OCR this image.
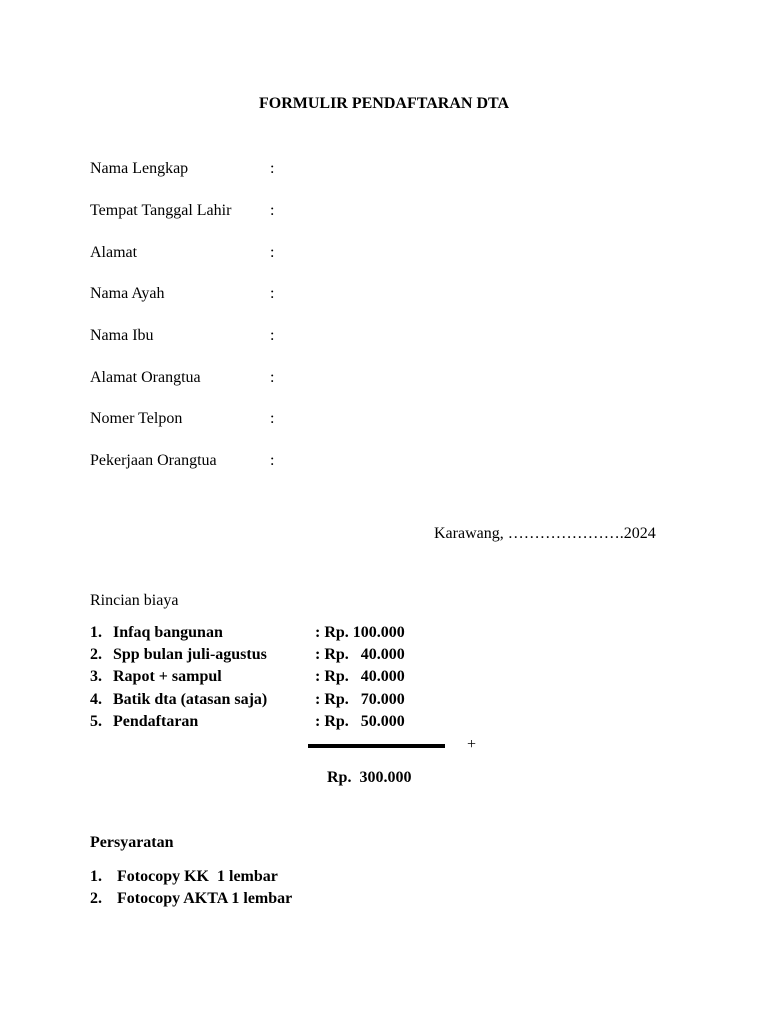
FORMULIR PENDAFTARAN DTA
Nama Lengkap	:
Tempat Tanggal Lahir :
Alamat	:
Nama Ayah	:
Nama Ibu	:
Alamat Orangtua	:
Nomer Telpon	:
Pekerjaan Orangtua	:
Karawang, ………………….2024
Rincian biaya
1. Infaq bangunan	: Rp. 100.000
2. Spp bulan juli-agustus	: Rp.   40.000
3. Rapot + sampul	: Rp.   40.000
4. Batik dta (atasan saja)	: Rp.   70.000
5. Pendaftaran	: Rp.   50.000
+
Rp.  300.000
Persyaratan
1. Fotocopy KK  1 lembar
2. Fotocopy AKTA 1 lembar
